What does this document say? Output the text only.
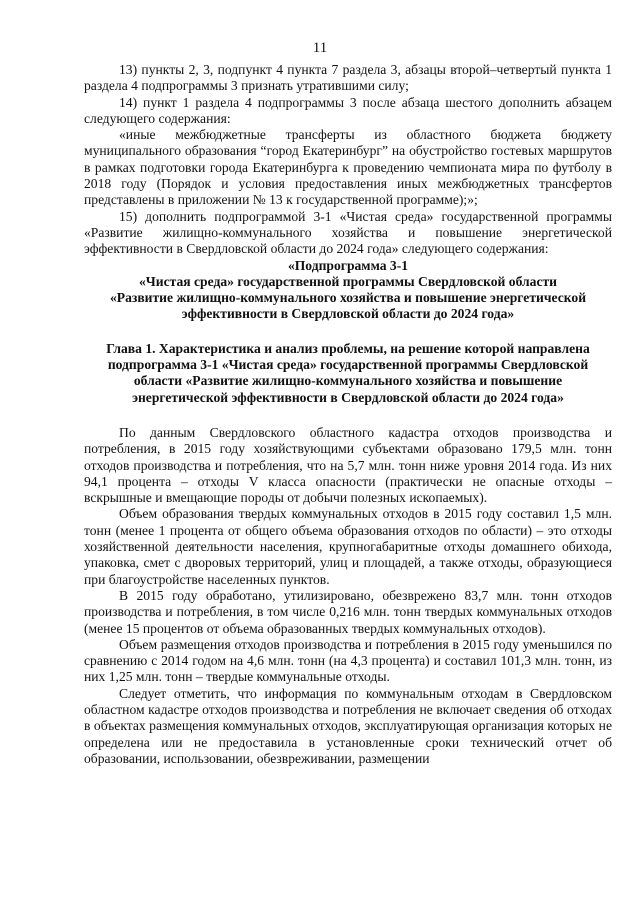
11

13) пункты 2, 3, подпункт 4 пункта 7 раздела 3, абзацы второй–четвертый пункта 1 раздела 4 подпрограммы 3 признать утратившими силу;

14) пункт 1 раздела 4 подпрограммы 3 после абзаца шестого дополнить абзацем следующего содержания:

«иные межбюджетные трансферты из областного бюджета бюджету муниципального образования “город Екатеринбург” на обустройство гостевых маршрутов в рамках подготовки города Екатеринбурга к проведению чемпионата мира по футболу в 2018 году (Порядок и условия предоставления иных межбюджетных трансфертов представлены в приложении № 13 к государственной программе);»;

15) дополнить подпрограммой 3-1 «Чистая среда» государственной программы «Развитие жилищно-коммунального хозяйства и повышение энергетической эффективности в Свердловской области до 2024 года» следующего содержания:

«Подпрограмма 3-1
«Чистая среда» государственной программы Свердловской области
«Развитие жилищно-коммунального хозяйства и повышение энергетической
эффективности в Свердловской области до 2024 года»
Глава 1. Характеристика и анализ проблемы, на решение которой направлена
подпрограмма 3-1 «Чистая среда» государственной программы Свердловской
области «Развитие жилищно-коммунального хозяйства и повышение
энергетической эффективности в Свердловской области до 2024 года»

По данным Свердловского областного кадастра отходов производства и потребления, в 2015 году хозяйствующими субъектами образовано 179,5 млн. тонн отходов производства и потребления, что на 5,7 млн. тонн ниже уровня 2014 года. Из них 94,1 процента – отходы V класса опасности (практически не опасные отходы – вскрышные и вмещающие породы от добычи полезных ископаемых).

Объем образования твердых коммунальных отходов в 2015 году составил 1,5 млн. тонн (менее 1 процента от общего объема образования отходов по области) – это отходы хозяйственной деятельности населения, крупногабаритные отходы домашнего обихода, упаковка, смет с дворовых территорий, улиц и площадей, а также отходы, образующиеся при благоустройстве населенных пунктов.

В 2015 году обработано, утилизировано, обезврежено 83,7 млн. тонн отходов производства и потребления, в том числе 0,216 млн. тонн твердых коммунальных отходов (менее 15 процентов от объема образованных твердых коммунальных отходов).

Объем размещения отходов производства и потребления в 2015 году уменьшился по сравнению с 2014 годом на 4,6 млн. тонн (на 4,3 процента) и составил 101,3 млн. тонн, из них 1,25 млн. тонн – твердые коммунальные отходы.

Следует отметить, что информация по коммунальным отходам в Свердловском областном кадастре отходов производства и потребления не включает сведения об отходах в объектах размещения коммунальных отходов, эксплуатирующая организация которых не определена или не предоставила в установленные сроки технический отчет об образовании, использовании, обезвреживании, размещении
